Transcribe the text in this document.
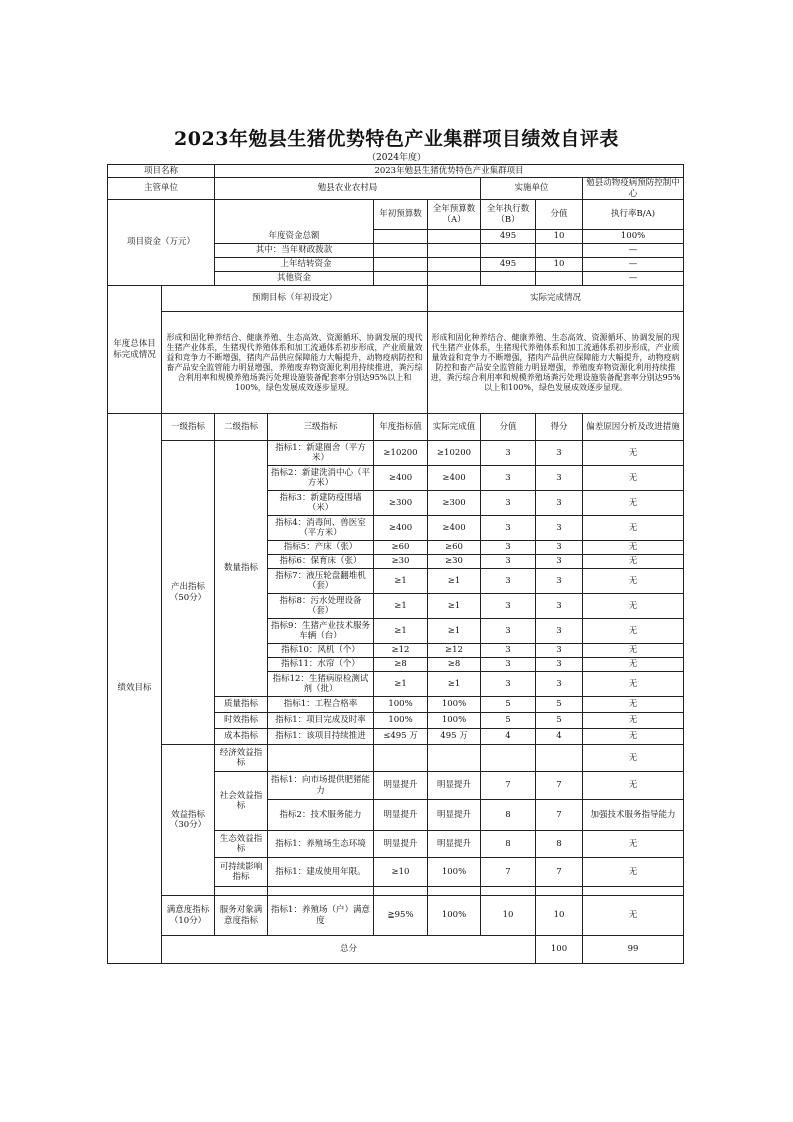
2023年勉县生猪优势特色产业集群项目绩效自评表
（2024年度）
项目名称		2023年勉县生猪优势特色产业集群项目							
主管单位		勉县农业农村局				实施单位		勉县动物疫病预防控制中心	
项目资金（万元）				年初预算数	全年预算数（A）	全年执行数（B）	分值	执行率B/A)	
		年度资金总额				495	10	100%	
		其中：当年财政拨款						—	
		上年结转资金				495	10	—	
		其他资金						—	
年度总体目标完成情况	预期目标（年初设定）				实际完成情况				
	形成和固化种养结合、健康养殖、生态高效、资源循环、协调发展的现代生猪产业体系，生猪现代养殖体系和加工流通体系初步形成，产业质量效益和竞争力不断增强，猪肉产品供应保障能力大幅提升，动物疫病防控和畜产品安全监管能力明显增强，养殖废弃物资源化利用持续推进，粪污综合利用率和规模养殖场粪污处理设施装备配套率分别达95%以上和100%，绿色发展成效逐步显现。				形成和固化种养结合、健康养殖、生态高效、资源循环、协调发展的现代生猪产业体系，生猪现代养殖体系和加工流通体系初步形成，产业质量效益和竞争力不断增强，猪肉产品供应保障能力大幅提升，动物疫病防控和畜产品安全监管能力明显增强，养殖废弃物资源化利用持续推进，粪污综合利用率和规模养殖场粪污处理设施装备配套率分别达95%以上和100%，绿色发展成效逐步显现。				
绩效目标	一级指标	二级指标	三级指标	年度指标值	实际完成值	分值	得分	偏差原因分析及改进措施	
	产出指标（50分）	数量指标	指标1：新建圈舍（平方米）	≥10200	≥10200	3	3	无	
			指标2：新建洗消中心（平方米）	≥400	≥400	3	3	无	
			指标3：新建防疫围墙（米）	≥300	≥300	3	3	无	
			指标4：消毒间、兽医室（平方米）	≥400	≥400	3	3	无	
			指标5：产床（张）	≥60	≥60	3	3	无	
			指标6：保育床（张）	≥30	≥30	3	3	无	
			指标7：液压轮盘翻堆机（套）	≥1	≥1	3	3	无	
			指标8：污水处理设备（套）	≥1	≥1	3	3	无	
			指标9：生猪产业技术服务车辆（台）	≥1	≥1	3	3	无	
			指标10：风机（个）	≥12	≥12	3	3	无	
			指标11：水帘（个）	≥8	≥8	3	3	无	
			指标12：生猪病原检测试剂（批）	≥1	≥1	3	3	无	
		质量指标	指标1：工程合格率	100%	100%	5	5	无	
		时效指标	指标1：项目完成及时率	100%	100%	5	5	无	
		成本指标	指标1：该项目持续推进	≤495 万	495 万	4	4	无	
	效益指标（30分）	经济效益指标						无	
		社会效益指标	指标1：向市场提供肥猪能力	明显提升	明显提升	7	7	无	
			指标2：技术服务能力	明显提升	明显提升	8	7	加强技术服务指导能力	
		生态效益指标	指标1：养殖场生态环境	明显提升	明显提升	8	8	无	
		可持续影响指标	指标1：建成使用年限。	≥10	100%	7	7	无	

	满意度指标（10分）	服务对象满意度指标	指标1：养殖场（户）满意度	≧95%	100%	10	10	无	
	总分						100	99	
